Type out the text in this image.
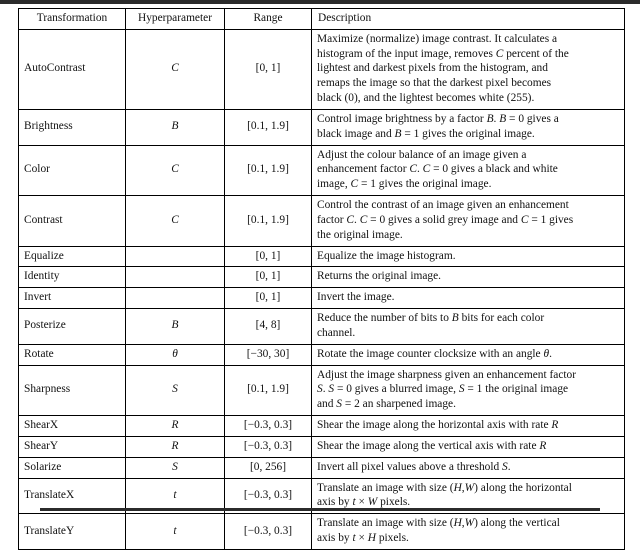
Transformation	Hyperparameter	Range	Description
AutoContrast	C	[0, 1]	Maximize (normalize) image contrast. It calculates a
histogram of the input image, removes C percent of the
lightest and darkest pixels from the histogram, and
remaps the image so that the darkest pixel becomes
black (0), and the lightest becomes white (255).

Brightness	B	[0.1, 1.9]	Control image brightness by a factor B. B = 0 gives a
black image and B = 1 gives the original image.

Color	C	[0.1, 1.9]	Adjust the colour balance of an image given a
enhancement factor C. C = 0 gives a black and white
image, C = 1 gives the original image.

Contrast	C	[0.1, 1.9]	Control the contrast of an image given an enhancement
factor C. C = 0 gives a solid grey image and C = 1 gives
the original image.

Equalize		[0, 1]	Equalize the image histogram.

Identity		[0, 1]	Returns the original image.

Invert		[0, 1]	Invert the image.

Posterize	B	[4, 8]	Reduce the number of bits to B bits for each color
channel.

Rotate	θ	[−30, 30]	Rotate the image counter clocksize with an angle θ.

Sharpness	S	[0.1, 1.9]	Adjust the image sharpness given an enhancement factor
S. S = 0 gives a blurred image, S = 1 the original image
and S = 2 an sharpened image.

ShearX	R	[−0.3, 0.3]	Shear the image along the horizontal axis with rate R

ShearY	R	[−0.3, 0.3]	Shear the image along the vertical axis with rate R

Solarize	S	[0, 256]	Invert all pixel values above a threshold S.

TranslateX	t	[−0.3, 0.3]	Translate an image with size (H,W) along the horizontal
axis by t × W pixels.

TranslateY	t	[−0.3, 0.3]	Translate an image with size (H,W) along the vertical
axis by t × H pixels.
